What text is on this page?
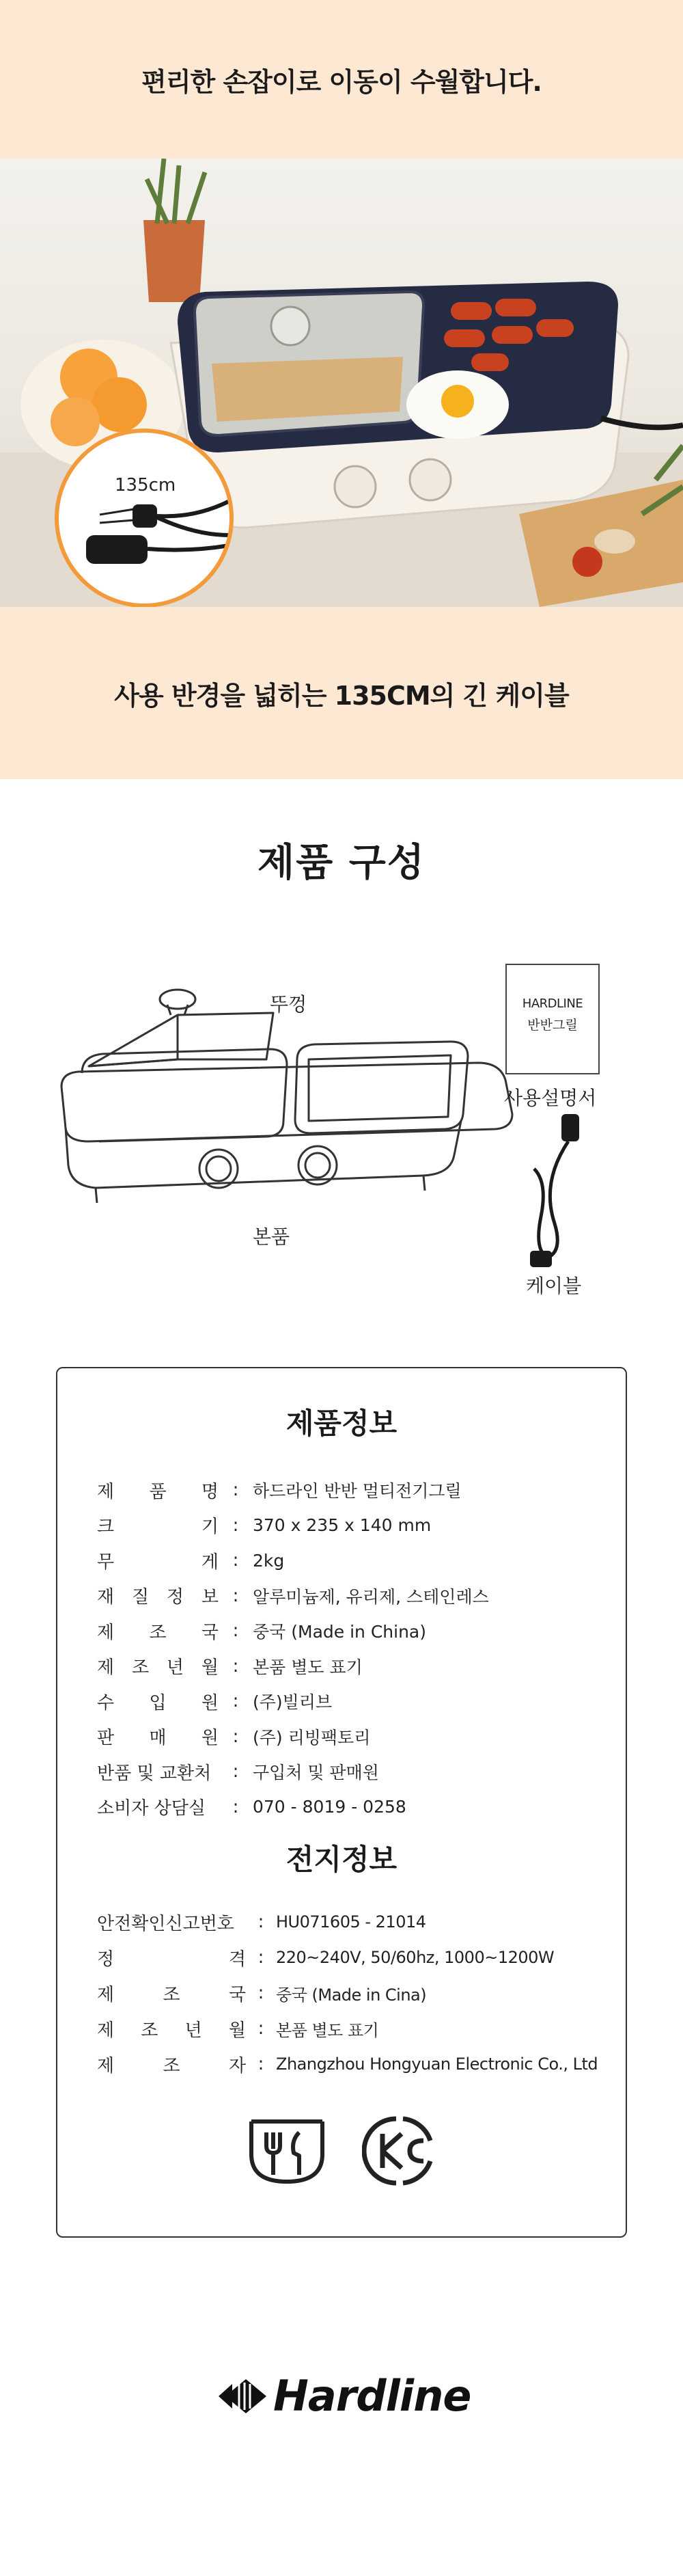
편리한 손잡이로 이동이 수월합니다.
135cm
사용 반경을 넓히는 135CM의 긴 케이블
제품 구성
뚜껑
본품
HARDLINE
반반그릴
사용설명서
케이블
제품정보
제 품 명 : 하드라인 반반 멀티전기그릴
크	기 : 370 x 235 x 140 mm
무	게 : 2kg
재 질 정 보 : 알루미늄제, 유리제, 스테인레스
제 조 국 : 중국 (Made in China)
제 조 년 월 : 본품 별도 표기
수 입 원 : (주)빌리브
판 매 원 : (주) 리빙팩토리
반품 및 교환처	: 구입처 및 판매원
소비자 상담실	: 070 - 8019 - 0258
전지정보
안전확인신고번호	: HU071605 - 21014
정	격 : 220~240V, 50/60hz, 1000~1200W
제	조	국 : 중국 (Made in Cina)
제 조 년 월 : 본품 별도 표기
제	조	자 : Zhangzhou Hongyuan Electronic Co., Ltd
Hardline
